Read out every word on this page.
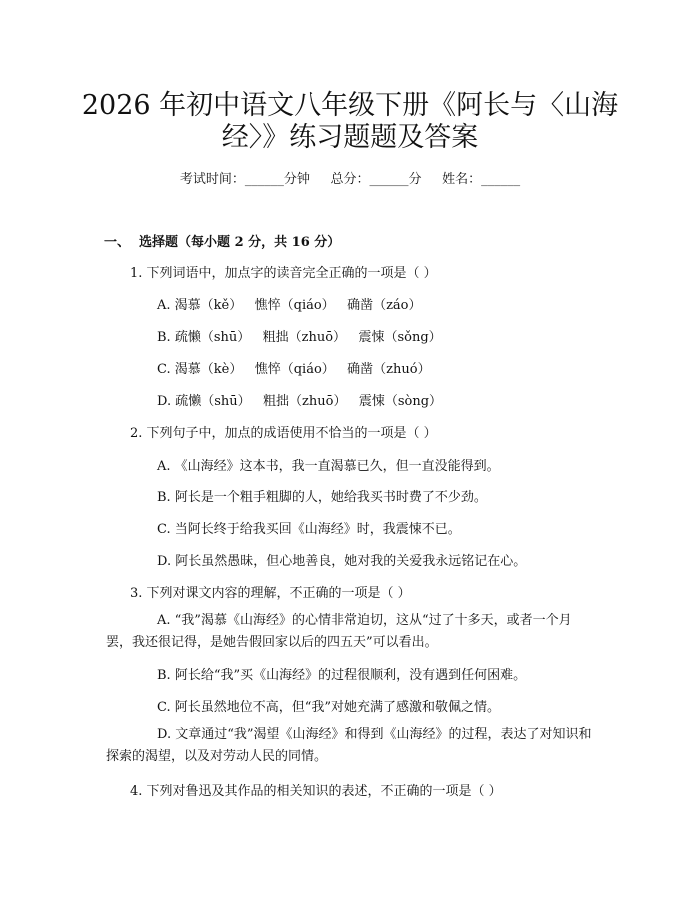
2026 年初中语文八年级下册《阿长与〈山海
经〉》练习题题及答案
考试时间：______分钟     总分：______分     姓名：______
一、  选择题（每小题 2 分，共 16 分）
1. 下列词语中，加点字的读音完全正确的一项是（ ）
A. 渴慕（kě）   憔悴（qiáo）   确凿（záo）
B. 疏懒（shū）   粗拙（zhuō）   震悚（sǒng）
C. 渴慕（kè）   憔悴（qiáo）   确凿（zhuó）
D. 疏懒（shū）   粗拙（zhuō）   震悚（sòng）
2. 下列句子中，加点的成语使用不恰当的一项是（ ）
A. 《山海经》这本书，我一直渴慕已久，但一直没能得到。
B. 阿长是一个粗手粗脚的人，她给我买书时费了不少劲。
C. 当阿长终于给我买回《山海经》时，我震悚不已。
D. 阿长虽然愚昧，但心地善良，她对我的关爱我永远铭记在心。
3. 下列对课文内容的理解，不正确的一项是（ ）
A. “我”渴慕《山海经》的心情非常迫切，这从“过了十多天，或者一个月罢，我还很记得，是她告假回家以后的四五天”可以看出。
B. 阿长给“我”买《山海经》的过程很顺利，没有遇到任何困难。
C. 阿长虽然地位不高，但“我”对她充满了感激和敬佩之情。
D. 文章通过“我”渴望《山海经》和得到《山海经》的过程，表达了对知识和探索的渴望，以及对劳动人民的同情。
4. 下列对鲁迅及其作品的相关知识的表述，不正确的一项是（ ）
